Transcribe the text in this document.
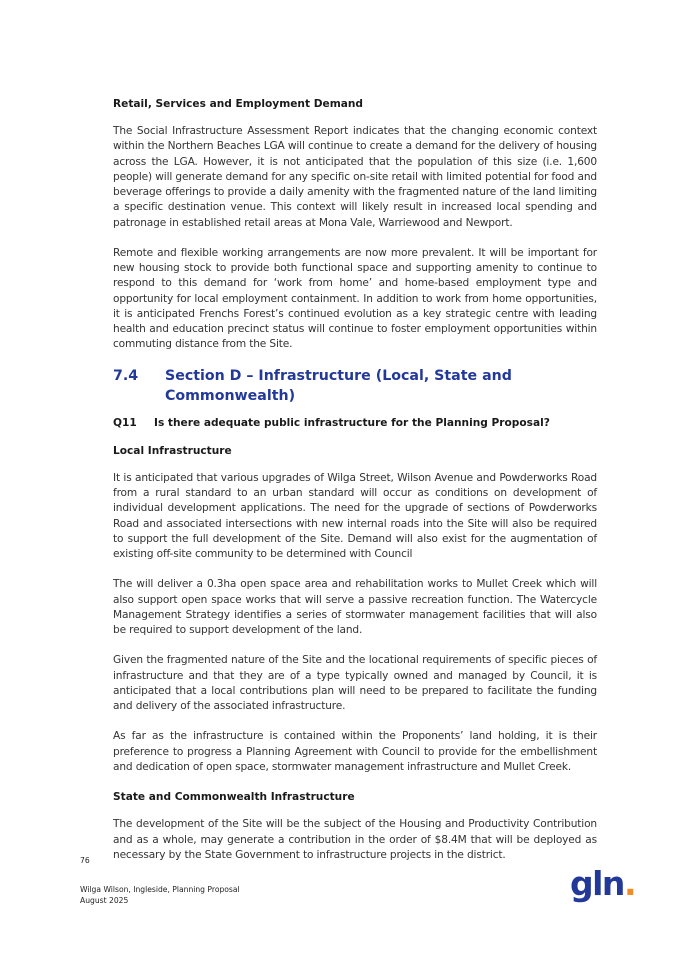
Retail, Services and Employment Demand

The Social Infrastructure Assessment Report indicates that the changing economic context within the Northern Beaches LGA will continue to create a demand for the delivery of housing across the LGA. However, it is not anticipated that the population of this size (i.e. 1,600 people) will generate demand for any specific on-site retail with limited potential for food and beverage offerings to provide a daily amenity with the fragmented nature of the land limiting a specific destination venue. This context will likely result in increased local spending and patronage in established retail areas at Mona Vale, Warriewood and Newport.

Remote and flexible working arrangements are now more prevalent. It will be important for new housing stock to provide both functional space and supporting amenity to continue to respond to this demand for ‘work from home’ and home-based employment type and opportunity for local employment containment. In addition to work from home opportunities, it is anticipated Frenchs Forest’s continued evolution as a key strategic centre with leading health and education precinct status will continue to foster employment opportunities within commuting distance from the Site.

7.4	Section D – Infrastructure (Local, State and Commonwealth)
Q11	Is there adequate public infrastructure for the Planning Proposal?
Local Infrastructure

It is anticipated that various upgrades of Wilga Street, Wilson Avenue and Powderworks Road from a rural standard to an urban standard will occur as conditions on development of individual development applications. The need for the upgrade of sections of Powderworks Road and associated intersections with new internal roads into the Site will also be required to support the full development of the Site. Demand will also exist for the augmentation of existing off-site community to be determined with Council

The will deliver a 0.3ha open space area and rehabilitation works to Mullet Creek which will also support open space works that will serve a passive recreation function. The Watercycle Management Strategy identifies a series of stormwater management facilities that will also be required to support development of the land.

Given the fragmented nature of the Site and the locational requirements of specific pieces of infrastructure and that they are of a type typically owned and managed by Council, it is anticipated that a local contributions plan will need to be prepared to facilitate the funding and delivery of the associated infrastructure.

As far as the infrastructure is contained within the Proponents’ land holding, it is their preference to progress a Planning Agreement with Council to provide for the embellishment and dedication of open space, stormwater management infrastructure and Mullet Creek.

State and Commonwealth Infrastructure

The development of the Site will be the subject of the Housing and Productivity Contribution and as a whole, may generate a contribution in the order of $8.4M that will be deployed as necessary by the State Government to infrastructure projects in the district.

76
Wilga Wilson, Ingleside, Planning Proposal
August 2025	gln.
